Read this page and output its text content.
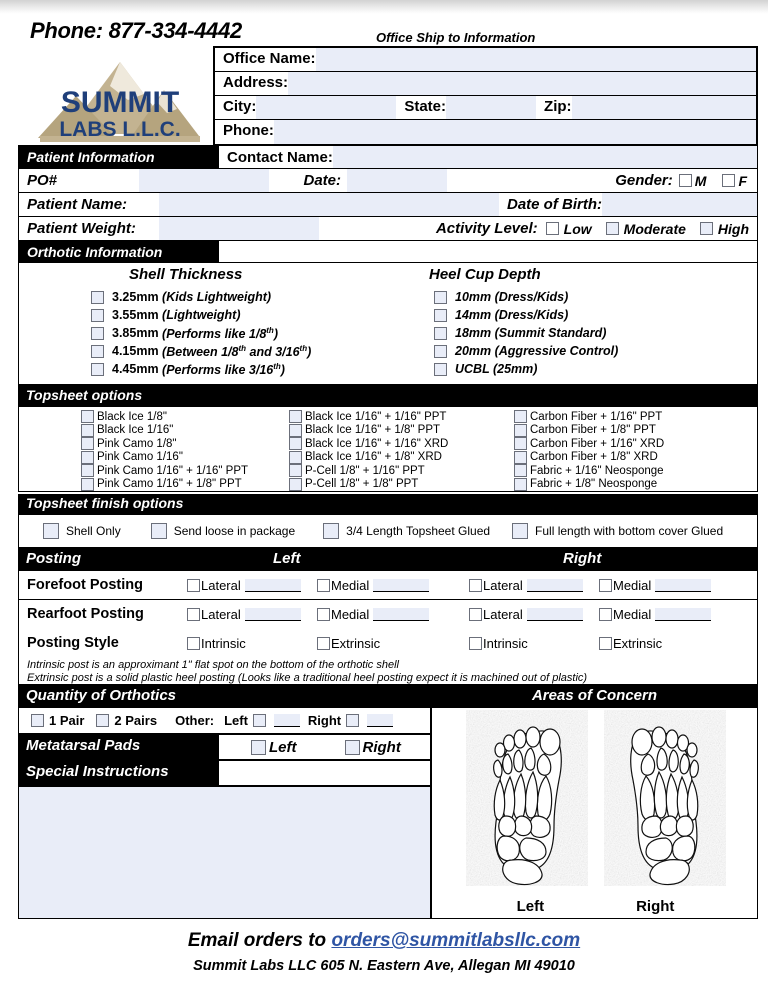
Phone: 877-334-4442	Office Ship to Information
SUMMIT
LABS L.L.C.
Office Name:
Address:
City:	State:	Zip:
Phone:
Patient Information	Contact Name:
PO#	Date:	Gender: M F
Patient Name:	Date of Birth:
Patient Weight:	Activity Level: Low Moderate High
Orthotic Information
Shell Thickness	Heel Cup Depth
3.25mm (Kids Lightweight)
3.55mm (Lightweight)
3.85mm (Performs like 1/8th)
4.15mm (Between 1/8th and 3/16th)
4.45mm (Performs like 3/16th)
10mm (Dress/Kids)
14mm (Dress/Kids)
18mm (Summit Standard)
20mm (Aggressive Control)
UCBL (25mm)
Topsheet options
Black Ice 1/8"
Black Ice 1/16"
Pink Camo 1/8"
Pink Camo 1/16"
Pink Camo 1/16" + 1/16" PPT
Pink Camo 1/16" + 1/8" PPT
Black Ice 1/16" + 1/16" PPT
Black Ice 1/16" + 1/8" PPT
Black Ice 1/16" + 1/16" XRD
Black Ice 1/16" + 1/8" XRD
P-Cell 1/8" + 1/16" PPT
P-Cell 1/8" + 1/8" PPT
Carbon Fiber + 1/16" PPT
Carbon Fiber + 1/8" PPT
Carbon Fiber + 1/16" XRD
Carbon Fiber + 1/8" XRD
Fabric + 1/16" Neosponge
Fabric + 1/8" Neosponge
Topsheet finish options
Shell Only	Send loose in package	3/4 Length Topsheet Glued	Full length with bottom cover Glued
Posting	Left	Right
Forefoot Posting	Lateral	Medial	Lateral	Medial
Rearfoot Posting	Lateral	Medial	Lateral	Medial
Posting Style	Intrinsic	Extrinsic	Intrinsic	Extrinsic
Intrinsic post is an approximant 1" flat spot on the bottom of the orthotic shell
Extrinsic post is a solid plastic heel posting (Looks like a traditional heel posting expect it is machined out of plastic)
Quantity of Orthotics
1 Pair 2 Pairs Other: Left	Right
Metatarsal Pads	Left	Right
Special Instructions
Areas of Concern
Left	Right
Email orders to orders@summitlabsllc.com
Summit Labs LLC 605 N. Eastern Ave, Allegan MI 49010
